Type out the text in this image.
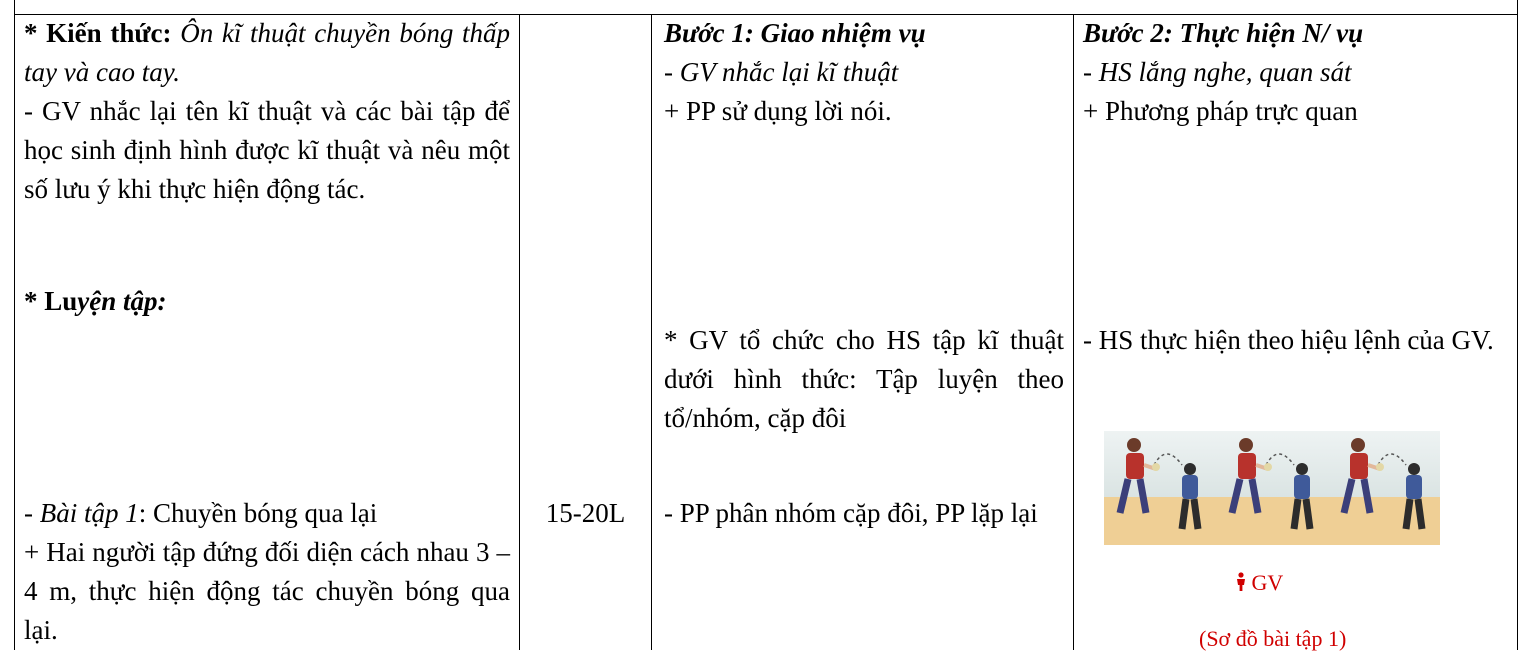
* Kiến thức: Ôn kĩ thuật chuyền bóng thấp tay và cao tay.

- GV nhắc lại tên kĩ thuật và các bài tập để học sinh định hình được kĩ thuật và nêu một số lưu ý khi thực hiện động tác.

* Luyện tập:

- Bài tập 1: Chuyền bóng qua lại

+ Hai người tập đứng đối diện cách nhau 3 – 4 m, thực hiện động tác chuyền bóng qua lại.

15-20L

Bước 1: Giao nhiệm vụ

- GV nhắc lại kĩ thuật

+ PP sử dụng lời nói.

* GV tổ chức cho HS tập kĩ thuật dưới hình thức: Tập luyện theo tổ/nhóm, cặp đôi
- PP phân nhóm cặp đôi, PP lặp lại

Bước 2: Thực hiện N/ vụ

- HS lắng nghe, quan sát

+ Phương pháp trực quan

- HS thực hiện theo hiệu lệnh của GV.
GV
(Sơ đồ bài tập 1)
